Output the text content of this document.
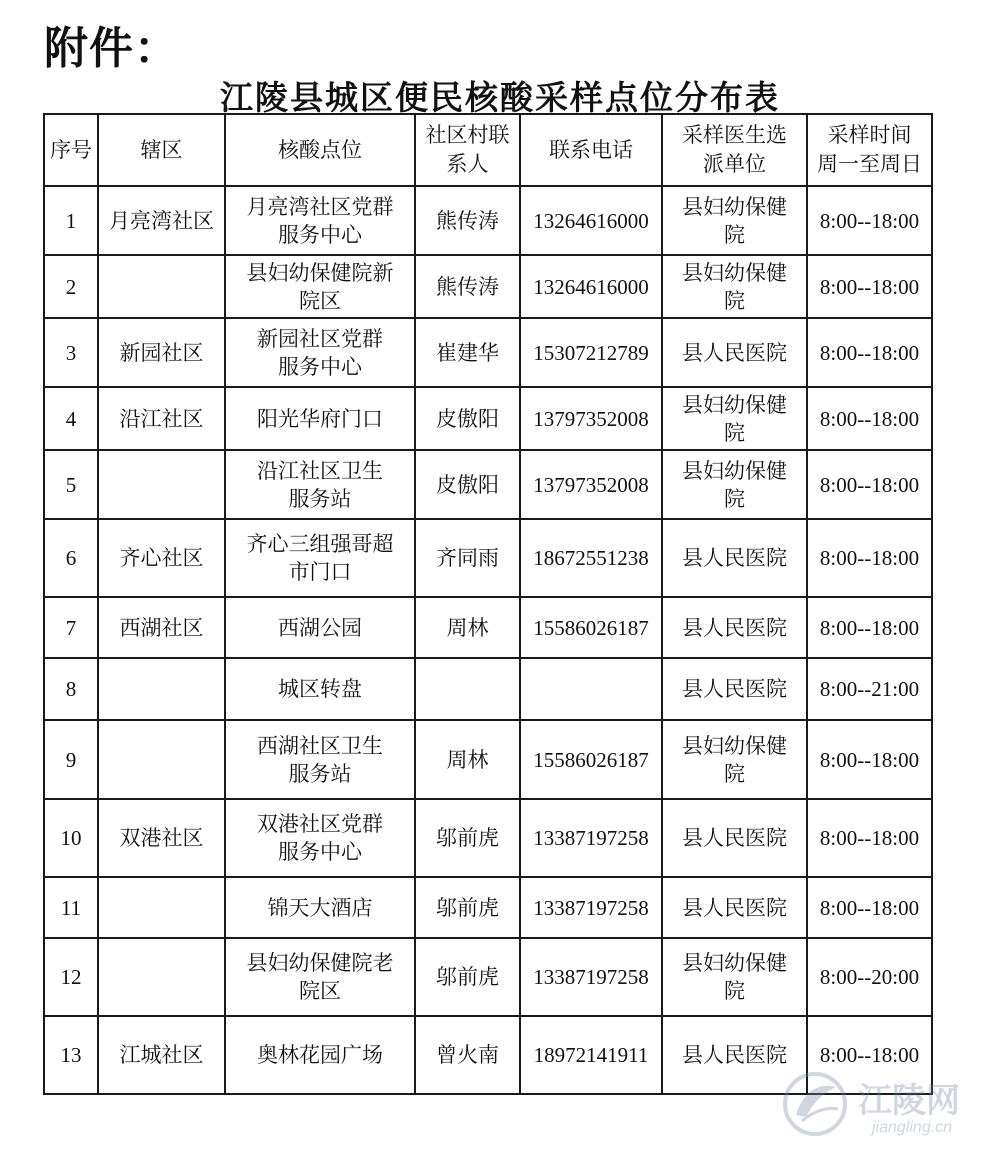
附件：
江陵县城区便民核酸采样点位分布表
序号	辖区	核酸点位	社区村联
系人	联系电话	采样医生选
派单位	采样时间
周一至周日
1	月亮湾社区	月亮湾社区党群
服务中心	熊传涛	13264616000	县妇幼保健
院	8:00--18:00
2		县妇幼保健院新
院区	熊传涛	13264616000	县妇幼保健
院	8:00--18:00
3	新园社区	新园社区党群
服务中心	崔建华	15307212789	县人民医院	8:00--18:00
4	沿江社区	阳光华府门口	皮傲阳	13797352008	县妇幼保健
院	8:00--18:00
5		沿江社区卫生
服务站	皮傲阳	13797352008	县妇幼保健
院	8:00--18:00
6	齐心社区	齐心三组强哥超
市门口	齐同雨	18672551238	县人民医院	8:00--18:00
7	西湖社区	西湖公园	周林	15586026187	县人民医院	8:00--18:00
8		城区转盘			县人民医院	8:00--21:00
9		西湖社区卫生
服务站	周林	15586026187	县妇幼保健
院	8:00--18:00
10	双港社区	双港社区党群
服务中心	邬前虎	13387197258	县人民医院	8:00--18:00
11		锦天大酒店	邬前虎	13387197258	县人民医院	8:00--18:00
12		县妇幼保健院老
院区	邬前虎	13387197258	县妇幼保健
院	8:00--20:00
13	江城社区	奥林花园广场	曾火南	18972141911	县人民医院	8:00--18:00
江陵网
jiangling.cn
